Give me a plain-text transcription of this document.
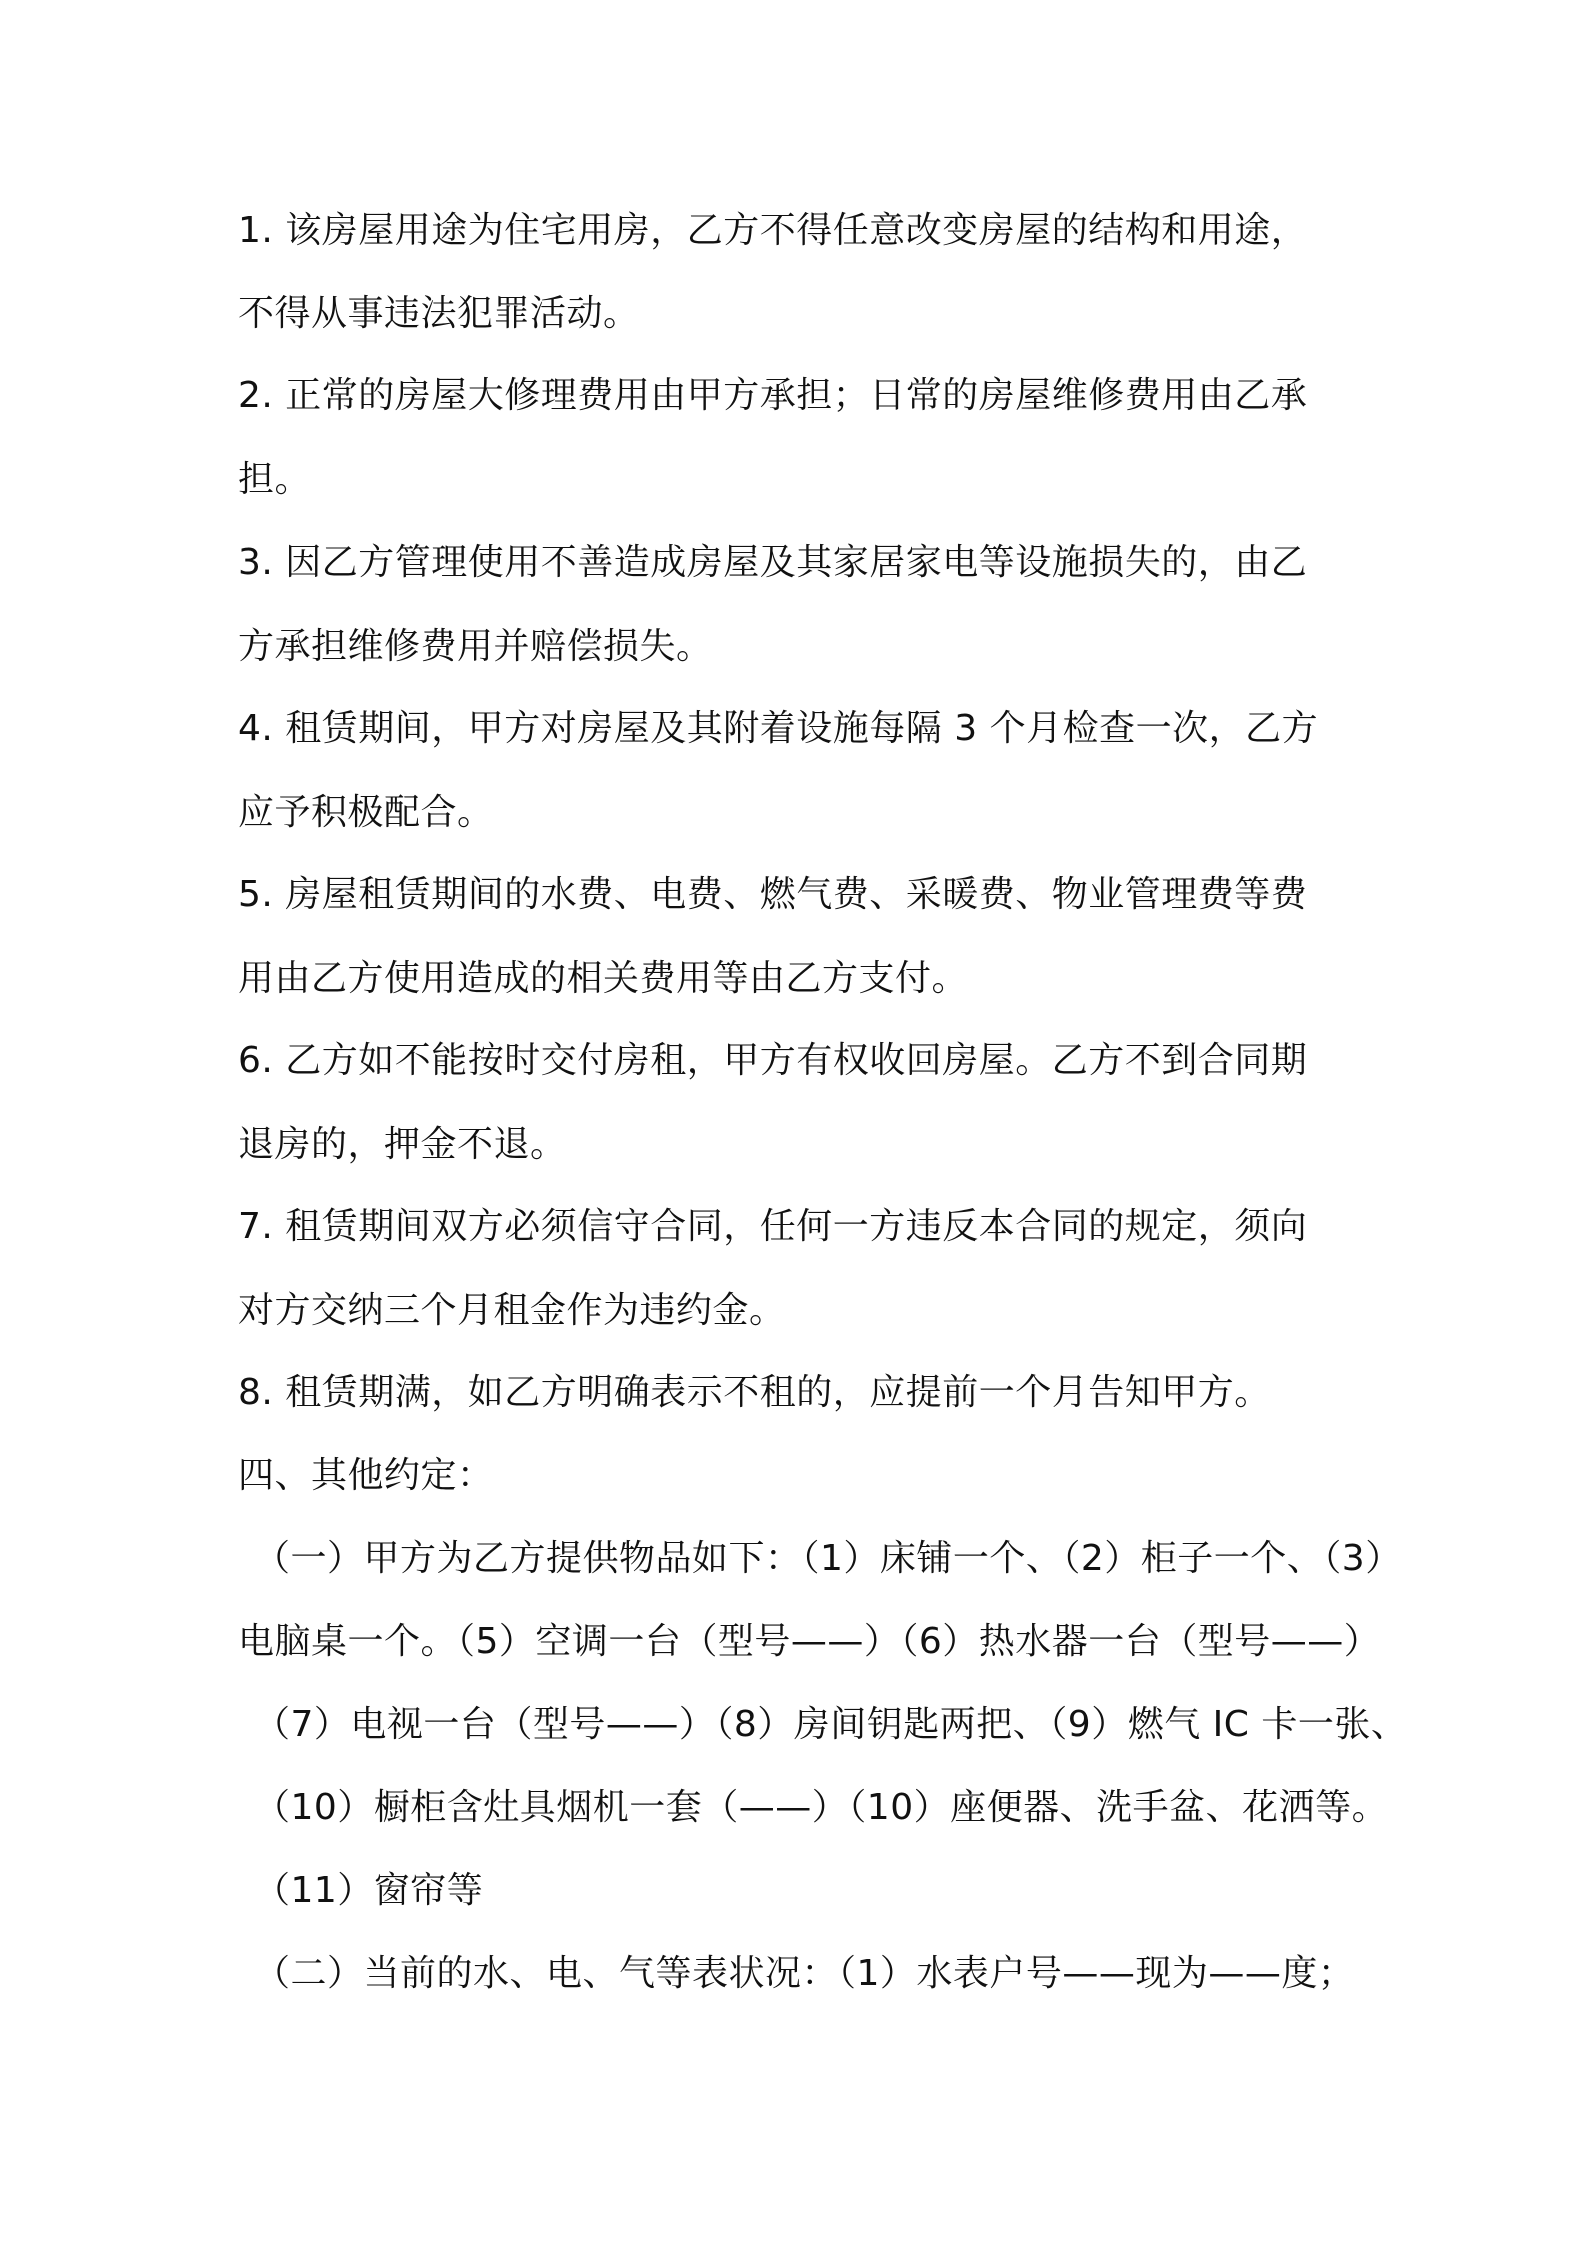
1. 该房屋用途为住宅用房，乙方不得任意改变房屋的结构和用途，
不得从事违法犯罪活动。
2. 正常的房屋大修理费用由甲方承担；日常的房屋维修费用由乙承
担。
3. 因乙方管理使用不善造成房屋及其家居家电等设施损失的，由乙
方承担维修费用并赔偿损失。
4. 租赁期间，甲方对房屋及其附着设施每隔 3 个月检查一次，乙方
应予积极配合。
5. 房屋租赁期间的水费、电费、燃气费、采暖费、物业管理费等费
用由乙方使用造成的相关费用等由乙方支付。
6. 乙方如不能按时交付房租，甲方有权收回房屋。乙方不到合同期
退房的，押金不退。
7. 租赁期间双方必须信守合同，任何一方违反本合同的规定，须向
对方交纳三个月租金作为违约金。
8. 租赁期满，如乙方明确表示不租的，应提前一个月告知甲方。
四、其他约定：
（一）甲方为乙方提供物品如下：（1）床铺一个、（2）柜子一个、（3）
电脑桌一个。（5）空调一台（型号——）（6）热水器一台（型号——）
（7）电视一台（型号——）（8）房间钥匙两把、（9）燃气 IC 卡一张、
（10）橱柜含灶具烟机一套（——）（10）座便器、洗手盆、花洒等。
（11）窗帘等
（二）当前的水、电、气等表状况：（1）水表户号——现为——度；
